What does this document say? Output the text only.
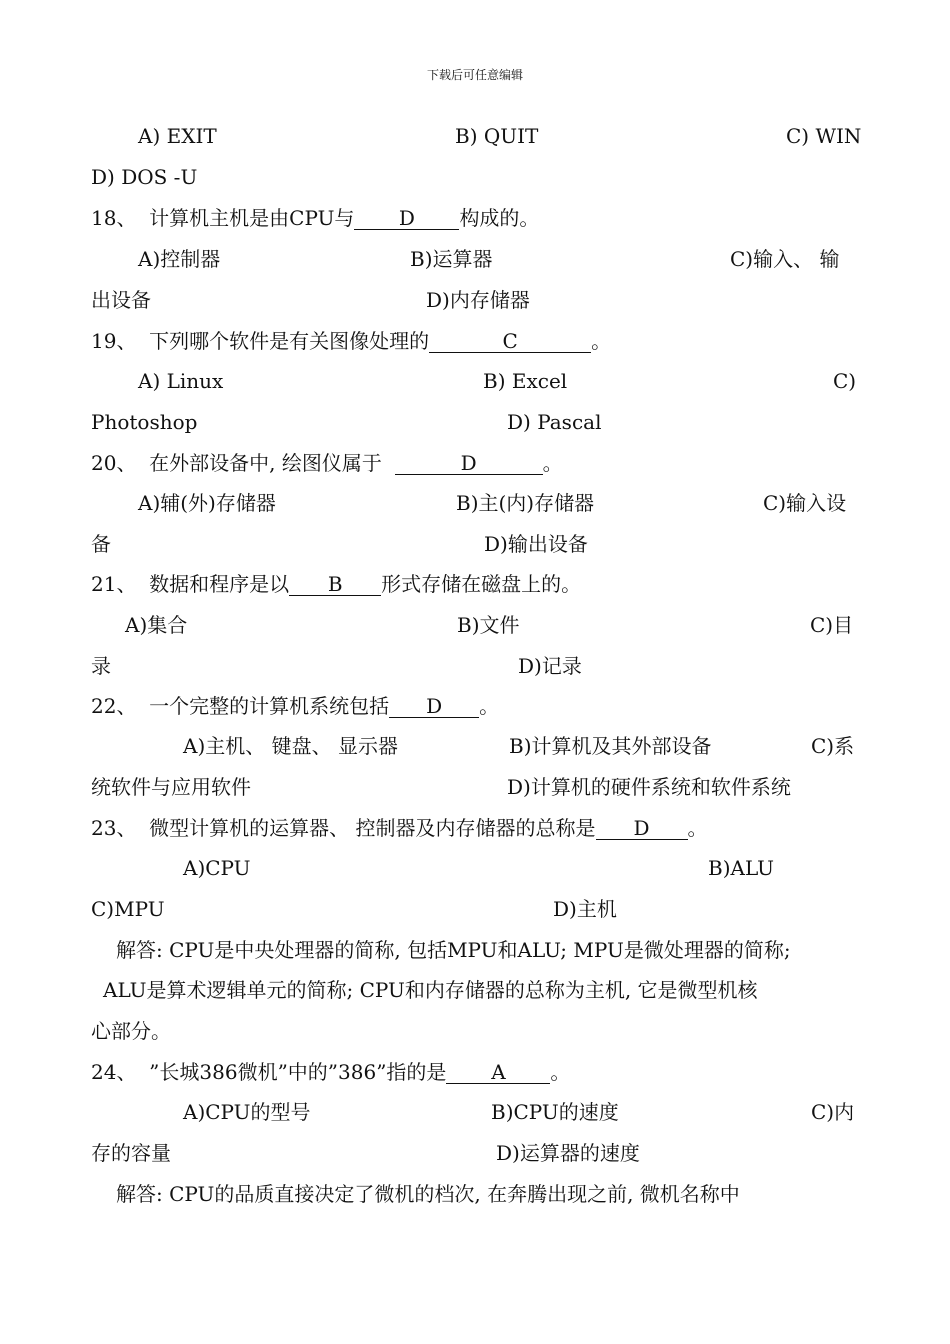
下载后可任意编辑
A) EXIT	B) QUIT	C) WIN
D) DOS -U
18、 计算机主机是由CPU与 D 构成的。
A)控制器	B)运算器	C)输入、 输
出设备	D)内存储器
19、 下列哪个软件是有关图像处理的	C	。
A) Linux	B) Excel	C)
Photoshop	D) Pascal
20、 在外部设备中, 绘图仪属于	D	。
A)辅(外)存储器	B)主(内)存储器	C)输入设
备	D)输出设备
21、 数据和程序是以 B 形式存储在磁盘上的。
A)集合	B)文件	C)目
录	D)记录
22、 一个完整的计算机系统包括 D 。
A)主机、 键盘、 显示器	B)计算机及其外部设备	C)系
统软件与应用软件	D)计算机的硬件系统和软件系统
23、 微型计算机的运算器、 控制器及内存储器的总称是 D 。
A)CPU	B)ALU
C)MPU	D)主机
解答: CPU是中央处理器的简称, 包括MPU和ALU; MPU是微处理器的简称;
ALU是算术逻辑单元的简称; CPU和内存储器的总称为主机, 它是微型机核
心部分。
24、 ”长城386微机”中的”386”指的是 A 。
A)CPU的型号	B)CPU的速度	C)内
存的容量	D)运算器的速度
解答: CPU的品质直接决定了微机的档次, 在奔腾出现之前, 微机名称中
